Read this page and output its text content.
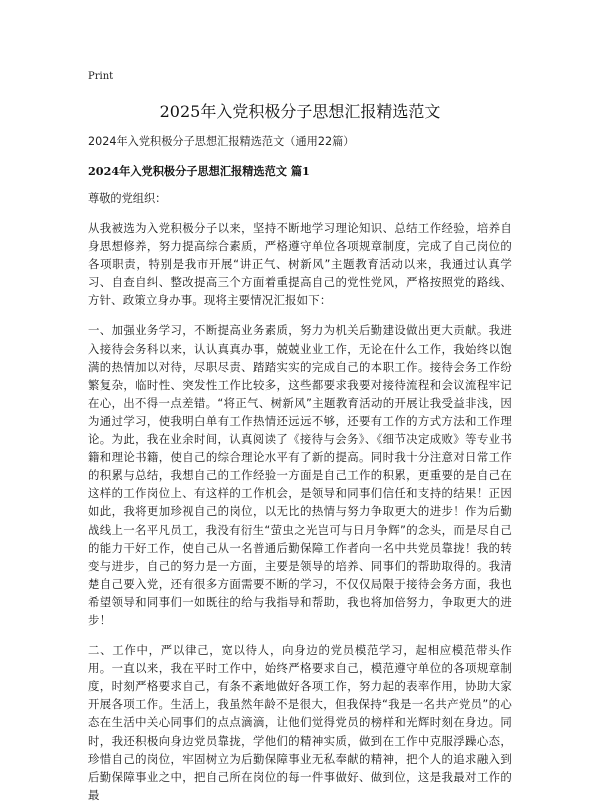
Print
2025年入党积极分子思想汇报精选范文
2024年入党积极分子思想汇报精选范文（通用22篇）
2024年入党积极分子思想汇报精选范文 篇1
尊敬的党组织：
从我被选为入党积极分子以来，坚持不断地学习理论知识、总结工作经验，培养自身思想修养，努力提高综合素质，严格遵守单位各项规章制度，完成了自己岗位的各项职责，特别是我市开展“讲正气、树新风”主题教育活动以来，我通过认真学习、自查自纠、整改提高三个方面着重提高自己的党性党风，严格按照党的路线、方针、政策立身办事。现将主要情况汇报如下：
一、加强业务学习，不断提高业务素质，努力为机关后勤建设做出更大贡献。我进入接待会务科以来，认认真真办事，兢兢业业工作，无论在什么工作，我始终以饱满的热情加以对待，尽职尽责、踏踏实实的完成自己的本职工作。接待会务工作纷繁复杂，临时性、突发性工作比较多，这些都要求我要对接待流程和会议流程牢记在心，出不得一点差错。“将正气、树新风”主题教育活动的开展让我受益非浅，因为通过学习，使我明白单有工作热情还远远不够，还要有工作的方式方法和工作理论。为此，我在业余时间，认真阅读了《接待与会务》、《细节决定成败》等专业书籍和理论书籍，使自己的综合理论水平有了新的提高。同时我十分注意对日常工作的积累与总结，我想自己的工作经验一方面是自己工作的积累，更重要的是自己在这样的工作岗位上、有这样的工作机会，是领导和同事们信任和支持的结果！正因如此，我将更加珍视自己的岗位，以无比的热情与努力争取更大的进步！作为后勤战线上一名平凡员工，我没有衍生“萤虫之光岂可与日月争辉”的念头，而是尽自己的能力干好工作，使自己从一名普通后勤保障工作者向一名中共党员靠拢！我的转变与进步，自己的努力是一方面，主要是领导的培养、同事们的帮助取得的。我清楚自己要入党，还有很多方面需要不断的学习，不仅仅局限于接待会务方面，我也希望领导和同事们一如既往的给与我指导和帮助，我也将加倍努力，争取更大的进步！
二、工作中，严以律己，宽以待人，向身边的党员模范学习，起相应模范带头作用。一直以来，我在平时工作中，始终严格要求自己，模范遵守单位的各项规章制度，时刻严格要求自己，有条不紊地做好各项工作，努力起的表率作用，协助大家开展各项工作。生活上，我虽然年龄不是很大，但我保持“我是一名共产党员”的心态在生活中关心同事们的点点滴滴，让他们觉得党员的榜样和光辉时刻在身边。同时，我还积极向身边党员靠拢，学他们的精神实质，做到在工作中克服浮躁心态，珍惜自己的岗位，牢固树立为后勤保障事业无私奉献的精神，把个人的追求融入到后勤保障事业之中，把自己所在岗位的每一件事做好、做到位，这是我最对工作的最
